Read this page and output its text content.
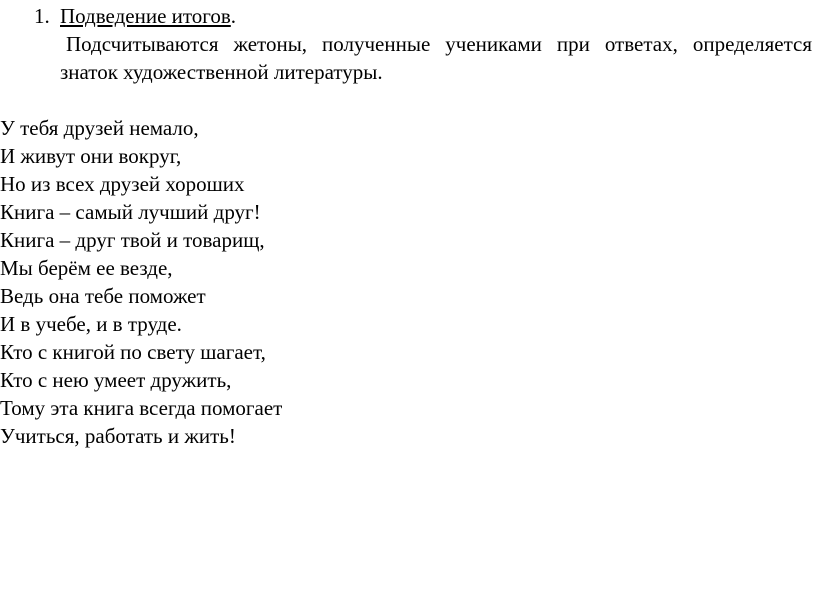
1. Подведение итогов.
Подсчитываются жетоны, полученные учениками при ответах, определяется знаток художественной литературы.
У тебя друзей немало,
И живут они вокруг,
Но из всех друзей хороших
Книга – самый лучший друг!
Книга – друг твой и товарищ,
Мы берём ее везде,
Ведь она тебе поможет
И в учебе, и в труде.
Кто с книгой по свету шагает,
Кто с нею умеет дружить,
Тому эта книга всегда помогает
Учиться, работать и жить!
